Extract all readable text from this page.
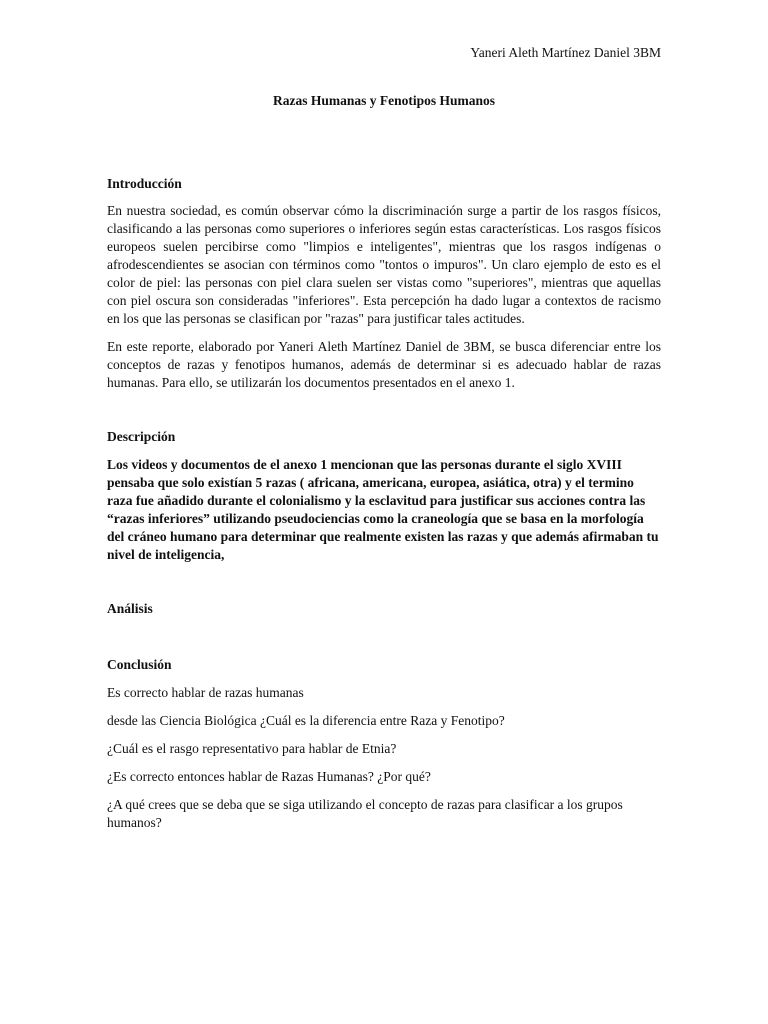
Yaneri Aleth Martínez Daniel 3BM
Razas Humanas y Fenotipos Humanos

Introducción

En nuestra sociedad, es común observar cómo la discriminación surge a partir de los rasgos físicos, clasificando a las personas como superiores o inferiores según estas características. Los rasgos físicos europeos suelen percibirse como "limpios e inteligentes", mientras que los rasgos indígenas o afrodescendientes se asocian con términos como "tontos o impuros". Un claro ejemplo de esto es el color de piel: las personas con piel clara suelen ser vistas como "superiores", mientras que aquellas con piel oscura son consideradas "inferiores". Esta percepción ha dado lugar a contextos de racismo en los que las personas se clasifican por "razas" para justificar tales actitudes.

En este reporte, elaborado por Yaneri Aleth Martínez Daniel de 3BM, se busca diferenciar entre los conceptos de razas y fenotipos humanos, además de determinar si es adecuado hablar de razas humanas. Para ello, se utilizarán los documentos presentados en el anexo 1.

Descripción

Los videos y documentos de el anexo 1 mencionan que las personas durante el siglo XVIII pensaba que solo existían 5 razas ( africana, americana, europea, asiática, otra) y el termino raza fue añadido durante el colonialismo y la esclavitud para justificar sus acciones contra las “razas inferiores” utilizando pseudociencias como la craneología que se basa en la morfología del cráneo humano para determinar que realmente existen las razas y que además afirmaban tu nivel de inteligencia,

Análisis

Conclusión

Es correcto hablar de razas humanas

desde las Ciencia Biológica ¿Cuál es la diferencia entre Raza y Fenotipo?

¿Cuál es el rasgo representativo para hablar de Etnia?

¿Es correcto entonces hablar de Razas Humanas? ¿Por qué?

¿A qué crees que se deba que se siga utilizando el concepto de razas para clasificar a los grupos humanos?
